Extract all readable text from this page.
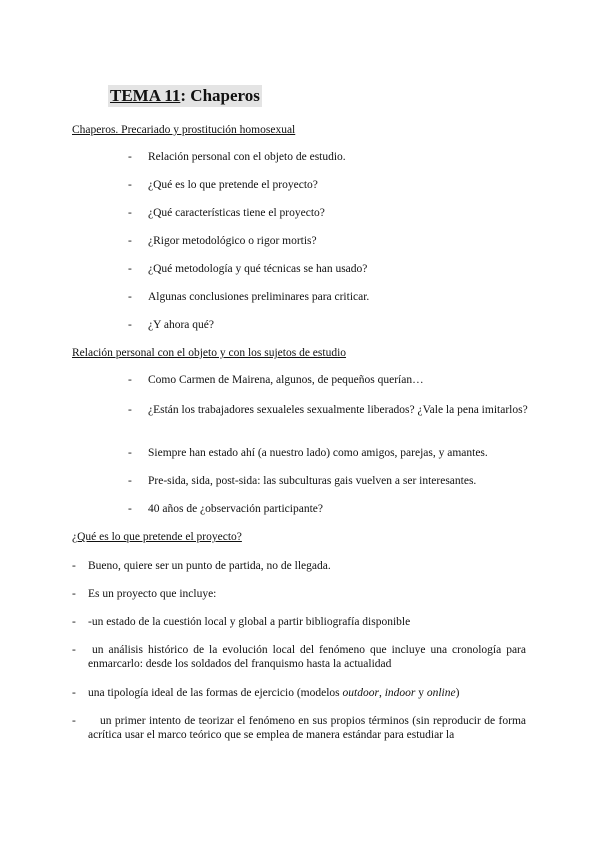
TEMA 11: Chaperos
Chaperos. Precariado y prostitución homosexual
- Relación personal con el objeto de estudio.
- ¿Qué es lo que pretende el proyecto?
- ¿Qué características tiene el proyecto?
- ¿Rigor metodológico o rigor mortis?
- ¿Qué metodología y qué técnicas se han usado?
- Algunas conclusiones preliminares para criticar.
- ¿Y ahora qué?
Relación personal con el objeto y con los sujetos de estudio
- Como Carmen de Mairena, algunos, de pequeños querían…
- ¿Están los trabajadores sexualeles sexualmente liberados? ¿Vale la pena imitarlos?
- Siempre han estado ahí (a nuestro lado) como amigos, parejas, y amantes.
- Pre-sida, sida, post-sida: las subculturas gais vuelven a ser interesantes.
- 40 años de ¿observación participante?
¿Qué es lo que pretende el proyecto?
- Bueno, quiere ser un punto de partida, no de llegada.
- Es un proyecto que incluye:
- -un estado de la cuestión local y global a partir bibliografía disponible
-	un análisis histórico de la evolución local del fenómeno que incluye una cronología para enmarcarlo: desde los soldados del franquismo hasta la actualidad
- una tipología ideal de las formas de ejercicio (modelos outdoor, indoor y online)
-	un primer intento de teorizar el fenómeno en sus propios términos (sin reproducir de forma acrítica usar el marco teórico que se emplea de manera estándar para estudiar la
